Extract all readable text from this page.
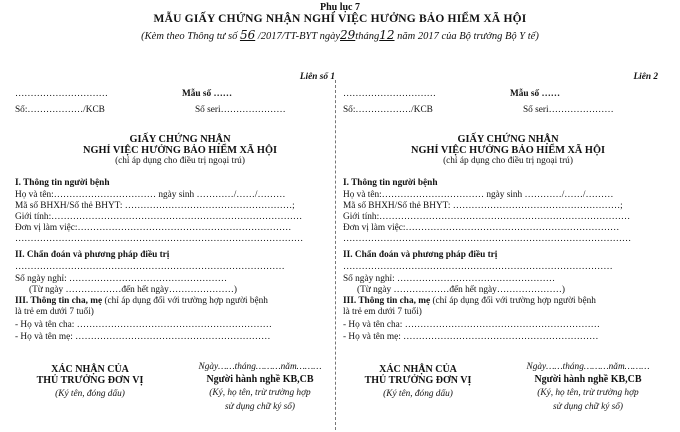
Phụ lục 7
MẪU GIẤY CHỨNG NHẬN NGHỈ VIỆC HƯỞNG BẢO HIỂM XÃ HỘI
(Kèm theo Thông tư số 56 /2017/TT-BYT ngày29tháng12 năm 2017 của Bộ trưởng Bộ Y tế)
Liên số 1
…………………………	Mẫu số ……
Số:………………/KCB	Số seri…………………
GIẤY CHỨNG NHẬN
NGHỈ VIỆC HƯỞNG BẢO HIỂM XÃ HỘI
(chỉ áp dụng cho điều trị ngoại trú)
I. Thông tin người bệnh
Họ và tên:…………………………… ngày sinh …………/……/………
Mã số BHXH/Số thẻ BHYT: ………………………………………………;
Giới tính:………………………………………………………………………
Đơn vị làm việc:……………………………………………………………
…………………………………………………………………………………
II. Chẩn đoán và phương pháp điều trị
……………………………………………………………………………
Số ngày nghỉ: ……………………………………………
(Từ ngày ………………đến hết ngày…………………)
III. Thông tin cha, mẹ (chỉ áp dụng đối với trường hợp người bệnh
là trẻ em dưới 7 tuổi)
- Họ và tên cha: ………………………………………………………
- Họ và tên mẹ: ………………………………………………………
XÁC NHẬN CỦA
THỦ TRƯỞNG ĐƠN VỊ
(Ký tên, đóng dấu)
Ngày……tháng………năm………
Người hành nghề KB,CB
(Ký, họ tên, trừ trường hợp
sử dụng chữ ký số)
Liên 2
…………………………	Mẫu số ……
Số:………………/KCB	Số seri…………………
GIẤY CHỨNG NHẬN
NGHỈ VIỆC HƯỞNG BẢO HIỂM XÃ HỘI
(chỉ áp dụng cho điều trị ngoại trú)
I. Thông tin người bệnh
Họ và tên:…………………………… ngày sinh …………/……/………
Mã số BHXH/Số thẻ BHYT: ………………………………………………;
Giới tính:………………………………………………………………………
Đơn vị làm việc:……………………………………………………………
…………………………………………………………………………………
II. Chẩn đoán và phương pháp điều trị
……………………………………………………………………………
Số ngày nghỉ: ……………………………………………
(Từ ngày ………………đến hết ngày…………………)
III. Thông tin cha, mẹ (chỉ áp dụng đối với trường hợp người bệnh
là trẻ em dưới 7 tuổi)
- Họ và tên cha: ………………………………………………………
- Họ và tên mẹ: ………………………………………………………
XÁC NHẬN CỦA
THỦ TRƯỞNG ĐƠN VỊ
(Ký tên, đóng dấu)
Ngày……tháng………năm………
Người hành nghề KB,CB
(Ký, họ tên, trừ trường hợp
sử dụng chữ ký số)
